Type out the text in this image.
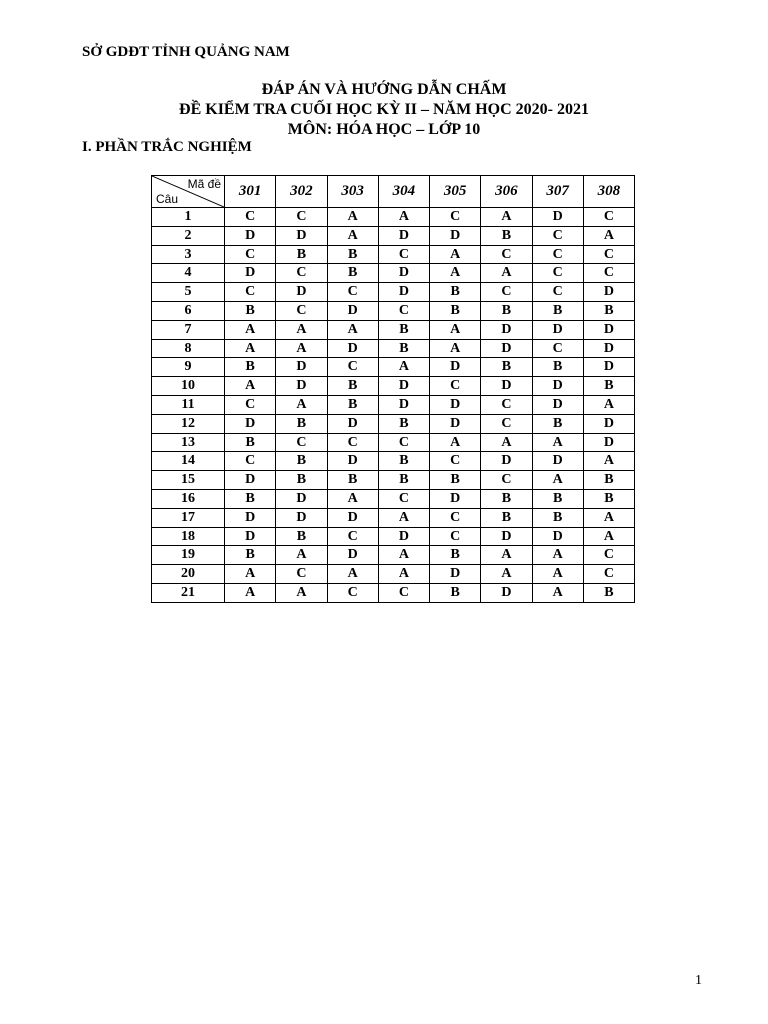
SỞ GDĐT TỈNH QUẢNG NAM
ĐÁP ÁN VÀ HƯỚNG DẪN CHẤM
ĐỀ KIỂM TRA CUỐI HỌC KỲ II – NĂM HỌC 2020- 2021
MÔN: HÓA HỌC – LỚP 10
I. PHẦN TRẮC NGHIỆM
Mã đề
Câu	301	302	303	304	305	306	307	308
1	C	C	A	A	C	A	D	C
2	D	D	A	D	D	B	C	A
3	C	B	B	C	A	C	C	C
4	D	C	B	D	A	A	C	C
5	C	D	C	D	B	C	C	D
6	B	C	D	C	B	B	B	B
7	A	A	A	B	A	D	D	D
8	A	A	D	B	A	D	C	D
9	B	D	C	A	D	B	B	D
10	A	D	B	D	C	D	D	B
11	C	A	B	D	D	C	D	A
12	D	B	D	B	D	C	B	D
13	B	C	C	C	A	A	A	D
14	C	B	D	B	C	D	D	A
15	D	B	B	B	B	C	A	B
16	B	D	A	C	D	B	B	B
17	D	D	D	A	C	B	B	A
18	D	B	C	D	C	D	D	A
19	B	A	D	A	B	A	A	C
20	A	C	A	A	D	A	A	C
21	A	A	C	C	B	D	A	B
1
